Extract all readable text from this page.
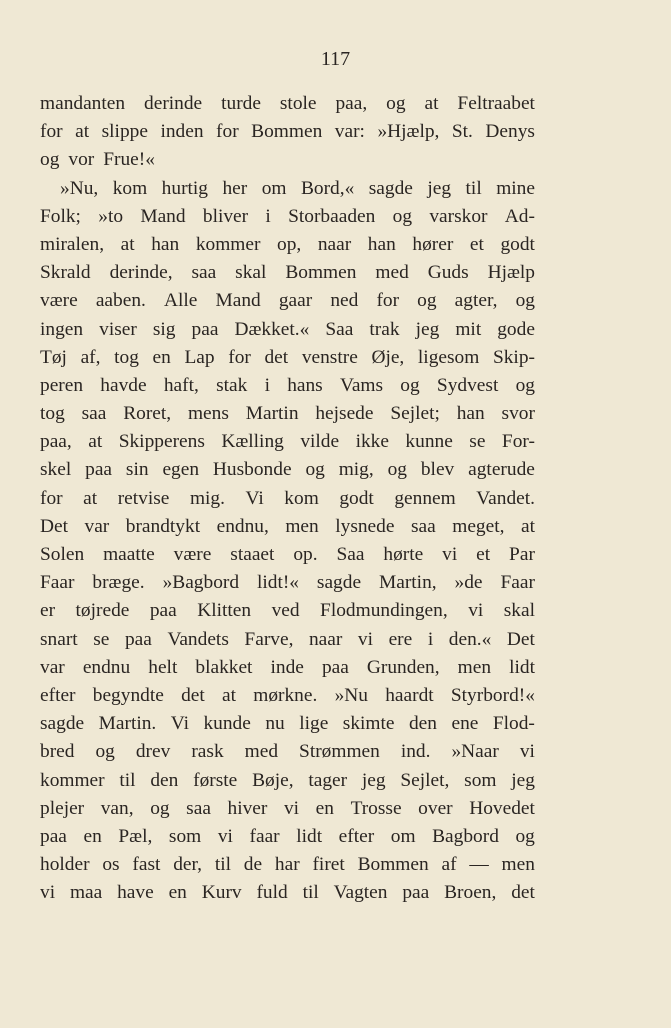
117
mandanten derinde turde stole paa, og at Feltraabet
for at slippe inden for Bommen var: »Hjælp, St. Denys
og vor Frue!«
»Nu, kom hurtig her om Bord,« sagde jeg til mine
Folk; »to Mand bliver i Storbaaden og varskor Ad-
miralen, at han kommer op, naar han hører et godt
Skrald derinde, saa skal Bommen med Guds Hjælp
være aaben. Alle Mand gaar ned for og agter, og
ingen viser sig paa Dækket.« Saa trak jeg mit gode
Tøj af, tog en Lap for det venstre Øje, ligesom Skip-
peren havde haft, stak i hans Vams og Sydvest og
tog saa Roret, mens Martin hejsede Sejlet; han svor
paa, at Skipperens Kælling vilde ikke kunne se For-
skel paa sin egen Husbonde og mig, og blev agterude
for at retvise mig. Vi kom godt gennem Vandet.
Det var brandtykt endnu, men lysnede saa meget, at
Solen maatte være staaet op. Saa hørte vi et Par
Faar bræge. »Bagbord lidt!« sagde Martin, »de Faar
er tøjrede paa Klitten ved Flodmundingen, vi skal
snart se paa Vandets Farve, naar vi ere i den.« Det
var endnu helt blakket inde paa Grunden, men lidt
efter begyndte det at mørkne. »Nu haardt Styrbord!«
sagde Martin. Vi kunde nu lige skimte den ene Flod-
bred og drev rask med Strømmen ind. »Naar vi
kommer til den første Bøje, tager jeg Sejlet, som jeg
plejer van, og saa hiver vi en Trosse over Hovedet
paa en Pæl, som vi faar lidt efter om Bagbord og
holder os fast der, til de har firet Bommen af — men
vi maa have en Kurv fuld til Vagten paa Broen, det
